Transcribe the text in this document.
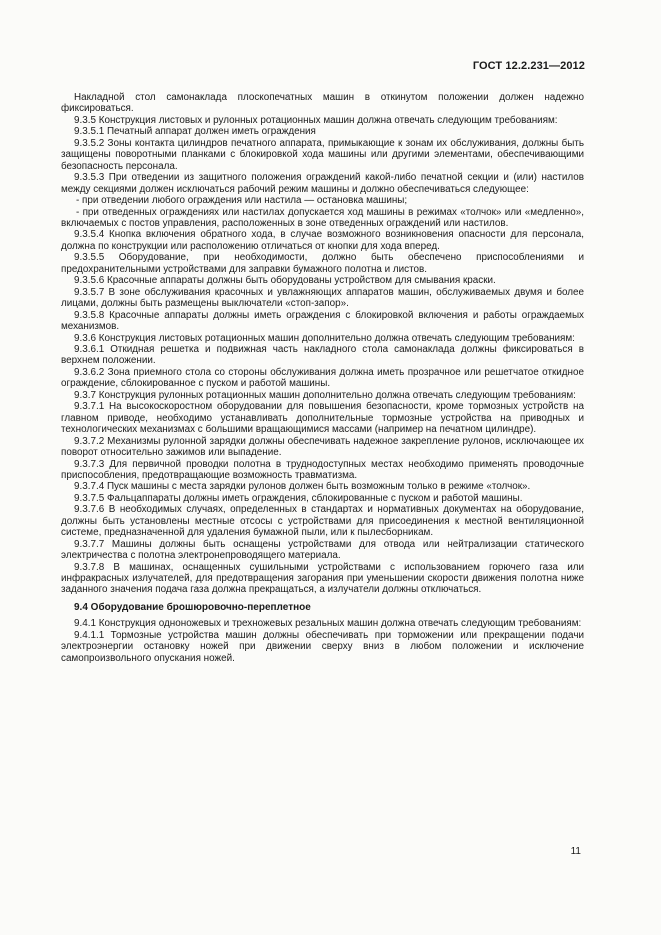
ГОСТ 12.2.231—2012

Накладной стол самонаклада плоскопечатных машин в откинутом положении должен надежно фиксироваться.

9.3.5 Конструкция листовых и рулонных ротационных машин должна отвечать следующим требованиям:

9.3.5.1 Печатный аппарат должен иметь ограждения

9.3.5.2 Зоны контакта цилиндров печатного аппарата, примыкающие к зонам их обслуживания, должны быть защищены поворотными планками с блокировкой хода машины или другими элементами, обеспечивающими безопасность персонала.

9.3.5.3 При отведении из защитного положения ограждений какой-либо печатной секции и (или) настилов между секциями должен исключаться рабочий режим машины и должно обеспечиваться следующее:

- при отведении любого ограждения или настила — остановка машины;

- при отведенных ограждениях или настилах допускается ход машины в режимах «толчок» или «медленно», включаемых с постов управления, расположенных в зоне отведенных ограждений или настилов.

9.3.5.4 Кнопка включения обратного хода, в случае возможного возникновения опасности для персонала, должна по конструкции или расположению отличаться от кнопки для хода вперед.

9.3.5.5 Оборудование, при необходимости, должно быть обеспечено приспособлениями и предохранительными устройствами для заправки бумажного полотна и листов.

9.3.5.6 Красочные аппараты должны быть оборудованы устройством для смывания краски.

9.3.5.7 В зоне обслуживания красочных и увлажняющих аппаратов машин, обслуживаемых двумя и более лицами, должны быть размещены выключатели «стоп-запор».

9.3.5.8 Красочные аппараты должны иметь ограждения с блокировкой включения и работы ограждаемых механизмов.

9.3.6 Конструкция листовых ротационных машин дополнительно должна отвечать следующим требованиям:

9.3.6.1 Откидная решетка и подвижная часть накладного стола самонаклада должны фиксироваться в верхнем положении.

9.3.6.2 Зона приемного стола со стороны обслуживания должна иметь прозрачное или решетчатое откидное ограждение, сблокированное с пуском и работой машины.

9.3.7 Конструкция рулонных ротационных машин дополнительно должна отвечать следующим требованиям:

9.3.7.1 На высокоскоростном оборудовании для повышения безопасности, кроме тормозных устройств на главном приводе, необходимо устанавливать дополнительные тормозные устройства на приводных и технологических механизмах с большими вращающимися массами (например на печатном цилиндре).

9.3.7.2 Механизмы рулонной зарядки должны обеспечивать надежное закрепление рулонов, исключающее их поворот относительно зажимов или выпадение.

9.3.7.3 Для первичной проводки полотна в труднодоступных местах необходимо применять проводочные приспособления, предотвращающие возможность травматизма.

9.3.7.4 Пуск машины с места зарядки рулонов должен быть возможным только в режиме «толчок».

9.3.7.5 Фальцаппараты должны иметь ограждения, сблокированные с пуском и работой машины.

9.3.7.6 В необходимых случаях, определенных в стандартах и нормативных документах на оборудование, должны быть установлены местные отсосы с устройствами для присоединения к местной вентиляционной системе, предназначенной для удаления бумажной пыли, или к пылесборникам.

9.3.7.7 Машины должны быть оснащены устройствами для отвода или нейтрализации статического электричества с полотна электронепроводящего материала.

9.3.7.8 В машинах, оснащенных сушильными устройствами с использованием горючего газа или инфракрасных излучателей, для предотвращения загорания при уменьшении скорости движения полотна ниже заданного значения подача газа должна прекращаться, а излучатели должны отключаться.

9.4 Оборудование брошюровочно-переплетное

9.4.1 Конструкция одноножевых и трехножевых резальных машин должна отвечать следующим требованиям:

9.4.1.1 Тормозные устройства машин должны обеспечивать при торможении или прекращении подачи электроэнергии остановку ножей при движении сверху вниз в любом положении и исключение самопроизвольного опускания ножей.

11
